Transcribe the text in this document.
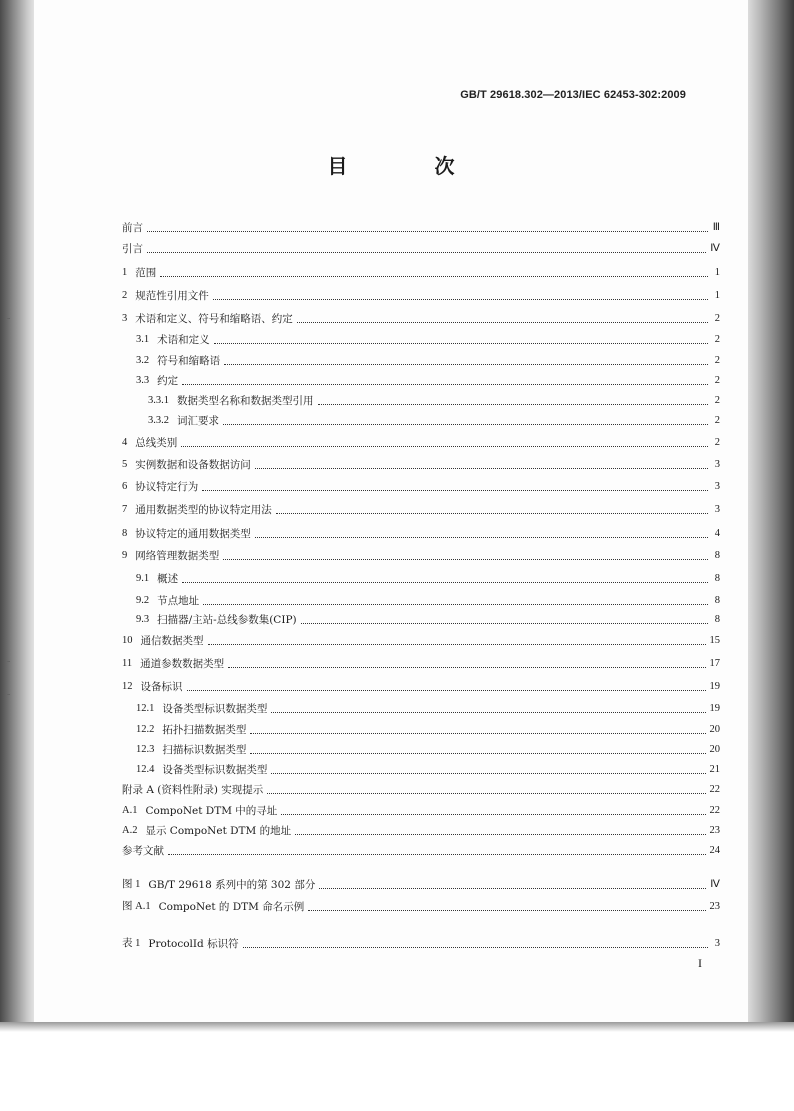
GB/T 29618.302—2013/IEC 62453-302:2009
目 次
前言	Ⅲ
引言	Ⅳ
1 范围	1
2 规范性引用文件	1
3 术语和定义、符号和缩略语、约定	2
3.1 术语和定义	2
3.2 符号和缩略语	2
3.3 约定	2
3.3.1 数据类型名称和数据类型引用	2
3.3.2 词汇要求	2
4 总线类别	2
5 实例数据和设备数据访问	3
6 协议特定行为	3
7 通用数据类型的协议特定用法	3
8 协议特定的通用数据类型	4
9 网络管理数据类型	8
9.1 概述	8
9.2 节点地址	8
9.3 扫描器/主站-总线参数集(CIP)	8
10 通信数据类型	15
11 通道参数数据类型	17
12 设备标识	19
12.1 设备类型标识数据类型	19
12.2 拓扑扫描数据类型	20
12.3 扫描标识数据类型	20
12.4 设备类型标识数据类型	21
附录 A (资料性附录) 实现提示	22
A.1 CompoNet DTM 中的寻址	22
A.2 显示 CompoNet DTM 的地址	23
参考文献	24
图 1 GB/T 29618 系列中的第 302 部分	Ⅳ
图 A.1 CompoNet 的 DTM 命名示例	23
表 1 ProtocolId 标识符	3
I
